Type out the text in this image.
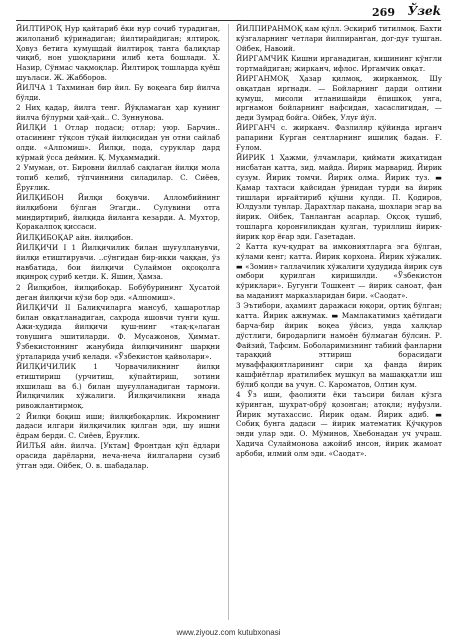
269 Ўзеk

ЙИЛТИРОҚ Нур қайтариб ёки нур сочиб турадиган, жилоланиб кўринадиган; йилтирайдиган; ялтироқ. Ҳовуз бетига кумушдай йилтироқ тангa балиқлар чиқиб, нон ушоқларини илиб кета бошлади. Х. Назир, Сўнмас чақмоқлар. Йилтироқ тошларда қуёш шуъласи. Ж. Жабборов.

ЙИЛЧА 1 Тахминан бир йил. Бу воқеага бир йилча бўлди.

2 Ниҳ қадар, йилга тенг. Йўқламаган ҳар кунинг йилча бўлурми ҳай-ҳай.. С. Зуннунова.

ЙИЛҚИ 1 Отлар подаси; отлар; уюр. Барчин.. отасининг тўқсон тўқай йилқисидан ун отни сайлаб олди. «Алпомиш». Йилқи, пода, суруклар дард кўрмай ўсса деймин. Қ. Муҳаммадий.

2 Умуман, от. Бировни йиллаб сақлаган йилқи мола топиб келиб, тўпчиннини силадилар. С. Сиёев, Ёруғлик.

ЙИЛҚИБОН Йилқи боқувчи. Алломбийнинг йилқибони бўлган Эгагди.. Сулувини отга миндиртириб, йилқида йиланга кезарди. А. Мухтор, Қоракалпоқ қиссаси.

ЙИЛҚИБОҚАР айн. йилқибон.

ЙИЛҚИЧИ I 1 Йилқичилик билан шуғулланувчи, йилқи етиштирувчи. ..сўнгидан бир-икки чаққан, ўз навбатида, бои йилқичи Сулаймон оқсоқолга яқинроқ суриб кетди. К. Яшин, Ҳамза.

2 Йилқибон, йилқибоқар. Бобўбурининг Ҳусатой деган йилқичи кўзи бор эди. «Алпомиш».

ЙИЛҚИЧИ II Балиқчиларга мансуб, ҳашаротлар билан овқатланадиган, сахрода яшовчи тунги қуш. Ажи-ҳудида йилқичи қуш-нинг «тақ-қ»лаган товушига эшитиларди. Ф. Мусажонов, Ҳиммат. Ўзбекистоннинг жанубида йилқичининг шарқни ўрталарида учиб келади. «Ўзбекистон қайволари».

ЙИЛҚИЧИЛИК 1 Чорвачиликнинг йилқи етиштириш (урчитиш, кўпайтириш, зотини яхшилаш ва б.) билан шуғулланадиган тармоғи. Йилқичилик хўжалиги. Йилқичиликни янада ривожлантирмоқ.

2 Йилқи боқиш иши; йилқибоқарлик. Икромнинг дадаси илгари йилқичилик қилган эди, шу ишни ёдрам берди. С. Сиёев, Ёруғлик.

ЙИЛЪЯ айн. йилча. [Уктам] Фронтдан қўп ёдлари орасида дарёларни, неча-неча йилгаларни сузиб ўтган эди. Ойбек, О. в. шабадалар.

ЙИЛПИРАНМОҚ кам қўлл. Эскириб титилмоқ. Бахти кўзгаларнинг четлари йилпиранган, дог-дуғ тушган. Ойбек, Навоий.

ЙИРГАМЧИК Кишни ирганадиган, кишининг кўнгли тортмайдиган; жиркaнч, ифлос. Иргамчик овқат.

ЙИРГАНМОҚ Ҳазар қилмоқ, жиркaнмоқ. Шу овқатдан иргнади. — Бойларнинг дарди олтини қумуш, мисоли итланишайди ёпишкоқ унга, иргнамон бойларнинг нафсидан, хасаслигидан, — деди Зумрад бойга. Ойбек, Улуғ йўл.

ЙИРГАНЧ с. жиркaнч. Фазлиляр қўйинда иргaнч рапарини Курган сеятларнинг ишилиқ бадан. Ғ. Ғулом.

ЙИРИК 1 Ҳажми, ўлчамлари, қиймати жиҳатидан нисбатан катта, зид. майда. Йирик марварид. Йирик сузум. Йирик томчи. Йирик олма. Йирик туз. ▬ Қамар тахтаси қайсидан ўрнидан турди ва йирик тишлари ирғайтириб қўшни қулди. П. Қодиров, Юлдузли тунлар. Дарахтлар пакана, шохлари эгар ва йирик. Ойбек, Танланган асарлар. Оқсоқ тушиб, тошларга қоронғиликдан қулган, туриллиш йирик-йирик қор ёғар эди. Газетадан.

2 Катта куч-қудрат ва имкониятларга эга бўлган, кўлами кенг; катта. Йирик корхона. Йирик хўжалик. ▬ «Зомин» галлачилик хўжалиги ҳудудида йирик сув омбори қурилган киришилди. «Ўзбекистон кўриклари». Бугунги Тошкент — йирик саноат, фан ва маданият марказларидан бири. «Саодат».

3 Эътибори, аҳамият даражаси юқори, ортиқ бўлган; катта. Йирик ажнумак. ▬ Мамлакатимиз ҳаётидаги барча-бир йирик воқеа ўйсиз, унда халқлар дўстлиги, биродарлиги намоён бўлмаган бўлсин. Р. Файзий, Тафсим. Боболаримизнинг табиий фанларни тараққий эттириш борасидаги муваффақиятларининг сири ҳа фанда йирик кашфиётлар яратилибек мушкул ва машаққатли иш бўлиб қолди ва учун. С. Кароматов, Олтин қум.

4 Ўз иши, фаолияти ёки таъсири билан кўзга кўринган, шухрат-обрў қозонган; атоқли; нуфузли. Йирик мутахассис. Йирик одам. Йирик адиб. ▬ Собиқ бунга дадаси — йирик математик Қўчқуров энди улар эди. О. Мўминов, Хвебонадан уч учраш. Хадича Сулаймонова ажойиб инсон, йирик жамоат арбоби, илмий олм эди. «Саодат».

www.ziyouz.com kutubxonasi
